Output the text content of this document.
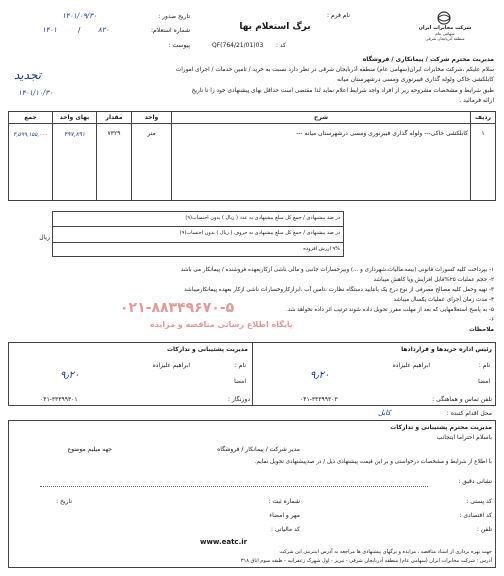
شرکت مخابرات ایران
سهامی عام
منطقه آذربایجان شرقی
نام فرم :
برگ استعلام بها
QF(764/21/01)03 کد :
تاریخ صدور :
۱۴۰۱/۰۹/۳۰
شماره استعلام:
۸۲۰
/
۱۴۰۱
پیوست :
مدیریت محترم شرکت / پیمانکاری / فروشگاه
سلام علیکم ،شرکت مخابرات ایران(سهامی عام) منطقه آذربایجان شرقی در نظر دارد نسبت به خرید / تامین خدمات / اجرای امورات
کابلکشی خاکی ولوله گذاری فیبرنوری ومسی درشهرستان میانه
طبق شرایط و مشخصات مشروحه زیر از افراد واجد شرایط اعلام نماید لذا مقتضی است حداقل بهای پیشنهادی خود را تا تاریخ
ارائه فرمائید .
تجدید
۱۴۰۱/۱۰/۳۰
ردیف
شرح
واحد
مقدار
بهای واحد
جمع
۱
کابلکشی خاکی--- ولوله گذاری فیبرنوری ومسی درشهرستان میانه ---
متر
۷۳۲۹
۴۹۷,۸۹۱
۳,۵۹۹,۱۵۵,۰۰۰
در صد پیشنهادی / جمع کل مبلغ پیشنهادی به عدد ( ریال ) بدون احتساب(۹)
ریال
در صد پیشنهادی / جمع کل مبلغ پیشنهادی به حروف ( ریال ) بدون احتساب(۹)
۹% ارزش افزوده
۱- بپرداخت کلیه کسورات قانونی (بیمه،مالیات،شهرداری و ...) وبیزحسارات جانبی و مالی ناشی ازکاربعهده فروشنده / پیمانکار می باشد
۲- حجم عملیات ۲۵%قابل افزایش ویا کاهش میباشد
۳- تهیه وحمل کلیه مصالح مصرفی از نوع درج یک بانتایید دستگاه نظارت ،تامین آب ،ابزارکاروخسارات ناشی ازکار بعهده پیمانکارمیباشد
۴- مدت زمان اجرای عملیات یکسال میباشد
۵- به پاسخ استعلامهایی که بعد از مهلت مقرر تحویل داده شوند ترتیب اثر داده نخواهد شد.
۶-
ملاحظات
۰۲۱-۸۸۳۴۹۶۷۰-۵
پایگاه اطلاع رسانی مناقصه و مزایده
رئیس اداره خریدها و قراردادها
مدیریت پشتیبانی و تدارکات
نام :
ابراهیم علیزاده
امضا
۹٫۲۰
نام :
ابراهیم علیزاده
امضا
۹٫۲۰
دورنگار :
۰۴۱-۳۳۳۹۹۳۰۱	تلفن تماس و هماهنگی :
۰۴۱-۳۳۳۹۹۳۰۳
محل اقدام کننده :
کابل
مدیریت محترم پشتیبانی و تدارکات
باسلام احتراما ایتجانب
مدیر شرکت / پیمانکار / فروشگاه
جهه میلیم موضوع
با اطلاع از شرایط و مشخصات درخواستی و بر این قیمت پیشنهادی ذیل / در صدپیشنهادی تحویل نمایم.
نشانی دقیق :
کد پستی :
شماره ثبت :
کد اقتصادی :
مهر و امضاء
تلفن :
کد مالیاتی :
تاریخ :
www.eatc.ir
جهت بهره برداری از اسناد مناقصه ، مزایده و برگهای پیشنهادی ها مراجعه به آدرس اینترنتی این شرکت
آدرس : شرکت مخابرات ایران (سهامی عام) منطقه آذربایجان شرقی - تبریز - اول شهرک زعفرانیه - طبقه سوم اتاق ۳۱۸
